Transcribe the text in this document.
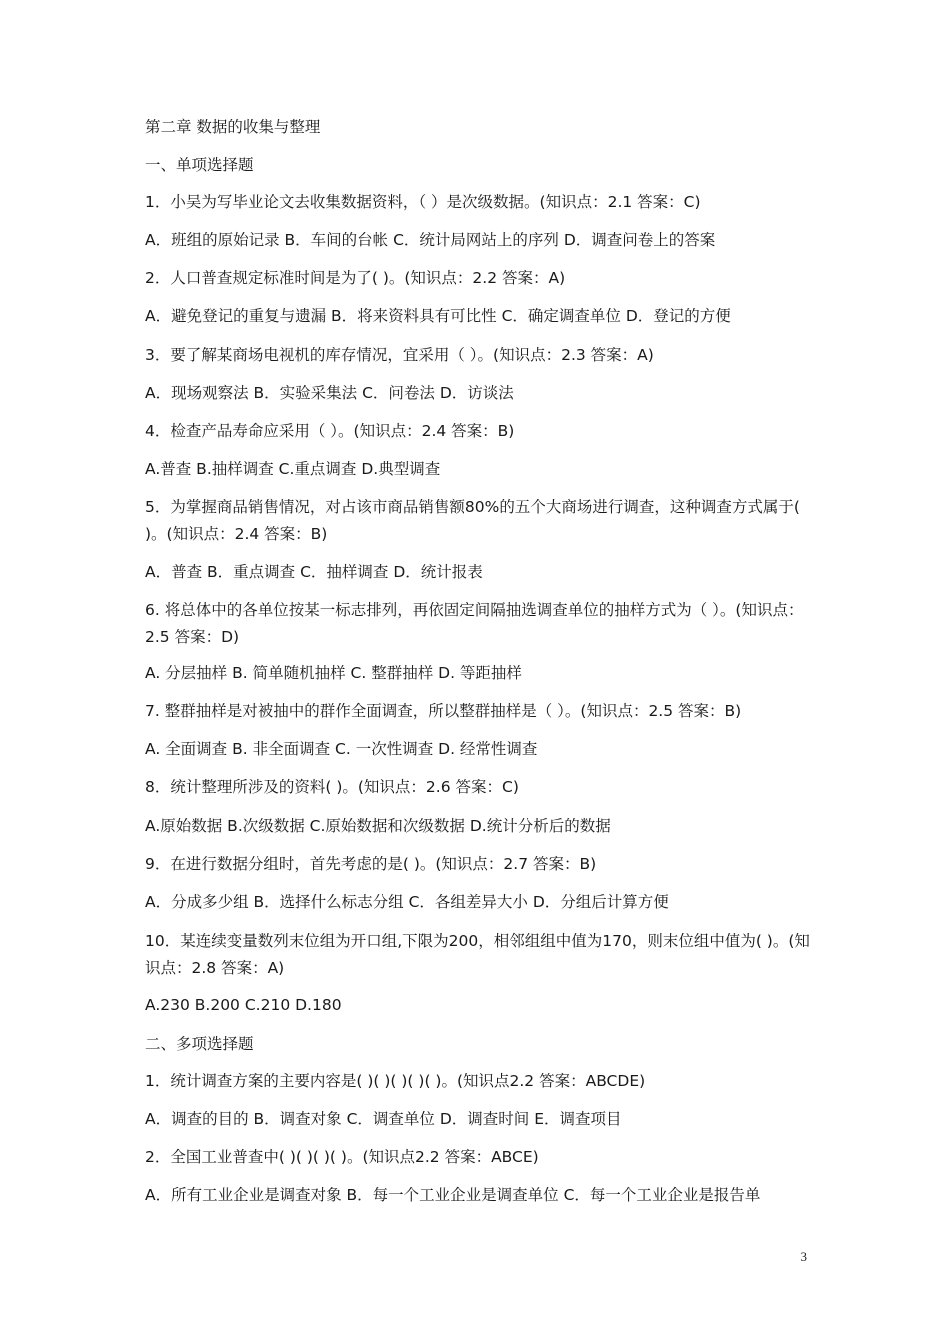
第二章 数据的收集与整理
一、单项选择题
1．小吴为写毕业论文去收集数据资料，（ ）是次级数据。(知识点：2.1 答案：C)
A．班组的原始记录 B．车间的台帐 C．统计局网站上的序列 D．调查问卷上的答案
2．人口普查规定标准时间是为了( )。(知识点：2.2 答案：A)
A．避免登记的重复与遗漏 B．将来资料具有可比性 C．确定调查单位 D．登记的方便
3．要了解某商场电视机的库存情况，宜采用（ ）。(知识点：2.3 答案：A)
A．现场观察法 B．实验采集法 C．问卷法 D．访谈法
4．检查产品寿命应采用（ ）。(知识点：2.4 答案：B)
A.普查 B.抽样调查 C.重点调查 D.典型调查
5．为掌握商品销售情况，对占该市商品销售额80%的五个大商场进行调查，这种调查方式属于( )。(知识点：2.4 答案：B)
A．普查 B．重点调查 C．抽样调查 D．统计报表
6. 将总体中的各单位按某一标志排列，再依固定间隔抽选调查单位的抽样方式为（ ）。(知识点：2.5 答案：D)
A. 分层抽样 B. 简单随机抽样 C. 整群抽样 D. 等距抽样
7. 整群抽样是对被抽中的群作全面调查，所以整群抽样是（ ）。(知识点：2.5 答案：B)
A. 全面调查 B. 非全面调查 C. 一次性调查 D. 经常性调查
8．统计整理所涉及的资料( )。(知识点：2.6 答案：C)
A.原始数据 B.次级数据 C.原始数据和次级数据 D.统计分析后的数据
9．在进行数据分组时，首先考虑的是( )。(知识点：2.7 答案：B)
A．分成多少组 B．选择什么标志分组 C．各组差异大小 D．分组后计算方便
10．某连续变量数列末位组为开口组,下限为200，相邻组组中值为170，则末位组中值为( )。(知识点：2.8 答案：A)
A.230 B.200 C.210 D.180
二、多项选择题
1．统计调查方案的主要内容是( )( )( )( )( )。(知识点2.2 答案：ABCDE)
A．调查的目的 B．调查对象 C．调查单位 D．调查时间 E．调查项目
2．全国工业普查中( )( )( )( )。(知识点2.2 答案：ABCE)
A．所有工业企业是调查对象 B．每一个工业企业是调查单位 C．每一个工业企业是报告单
3
